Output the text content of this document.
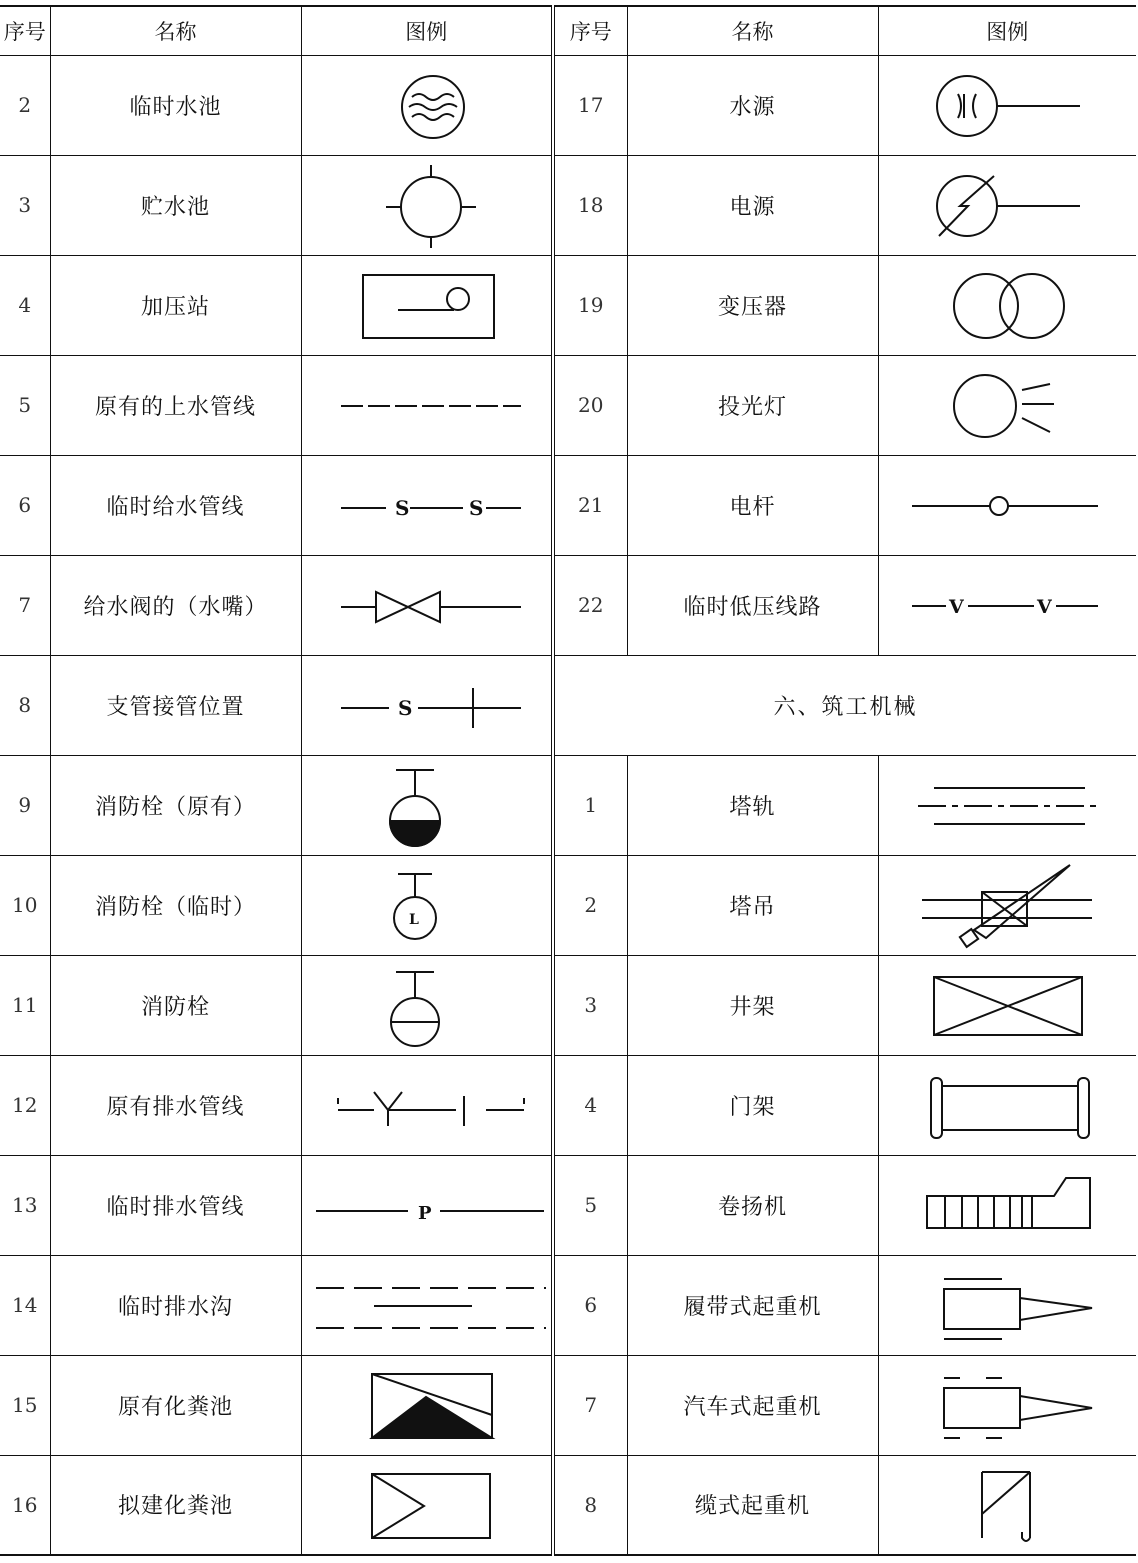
序号	名称	图例	序号	名称	图例
2	临时水池		17	水源	

3	贮水池		18	电源	

4	加压站		19	变压器	

5	原有的上水管线		20	投光灯	

6	临时给水管线	S S	21	电杆	

7	给水阀的（水嘴）		22	临时低压线路	V V

8	支管接管位置	S	六、筑工机械		
9	消防栓（原有）		1	塔轨	

10	消防栓（临时）	L	2	塔吊	

11	消防栓		3	井架	

12	原有排水管线		4	门架	

13	临时排水管线	P	5	卷扬机	

14	临时排水沟		6	履带式起重机	

15	原有化粪池		7	汽车式起重机	

16	拟建化粪池		8	缆式起重机	
